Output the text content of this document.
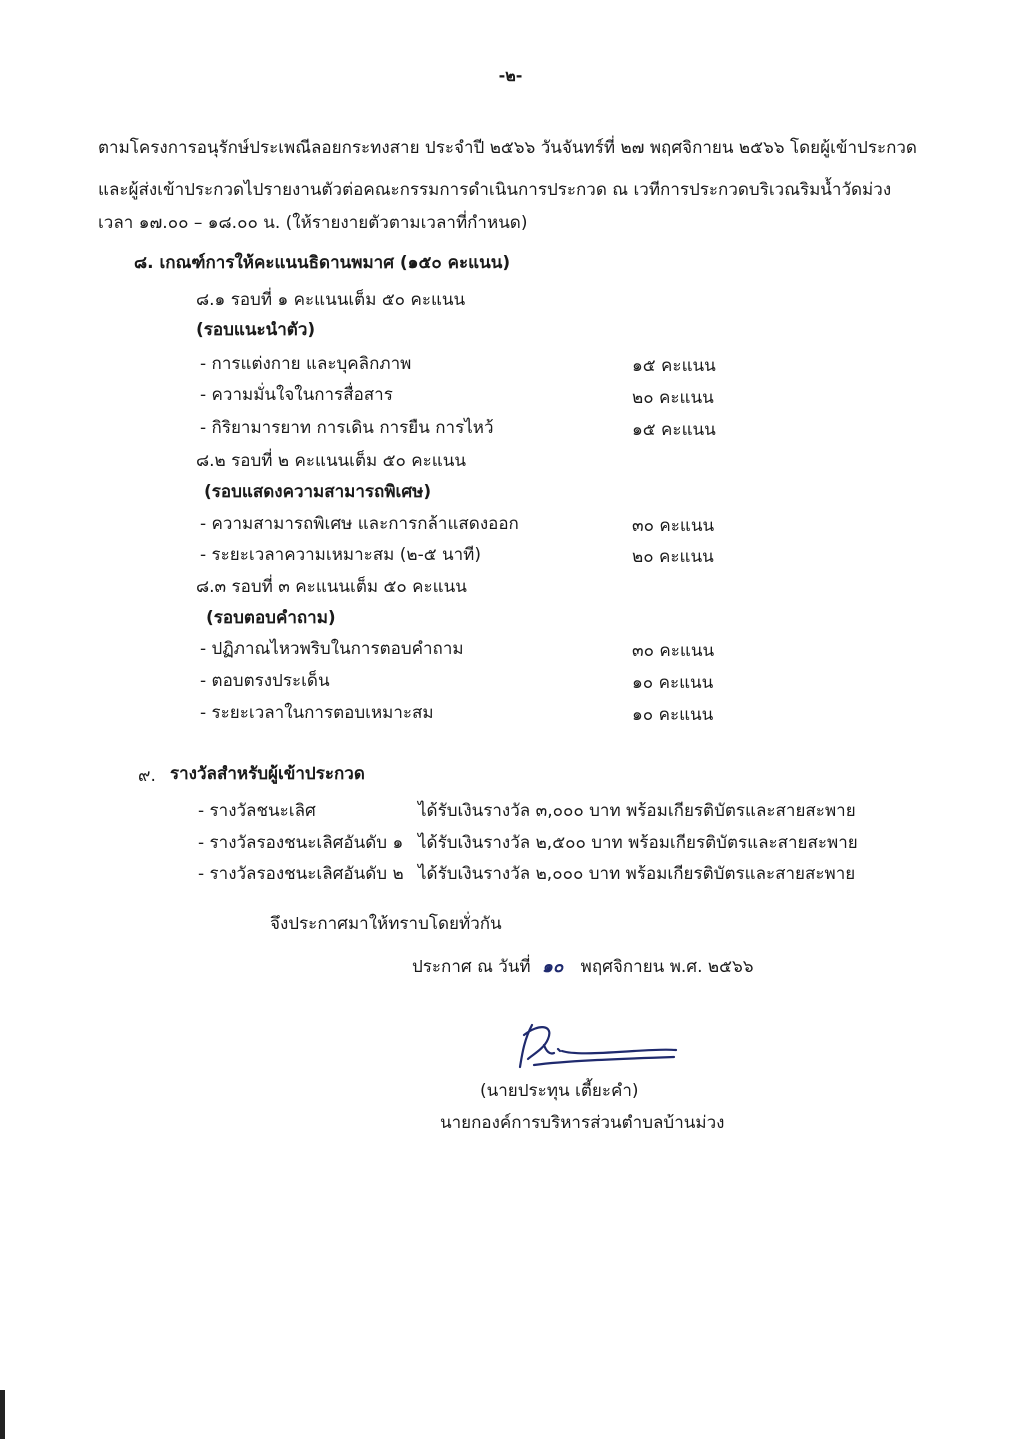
-๒-
ตามโครงการอนุรักษ์ประเพณีลอยกระทงสาย ประจำปี ๒๕๖๖ วันจันทร์ที่ ๒๗ พฤศจิกายน ๒๕๖๖ โดยผู้เข้าประกวด
และผู้ส่งเข้าประกวดไปรายงานตัวต่อคณะกรรมการดำเนินการประกวด ณ เวทีการประกวดบริเวณริมน้ำวัดม่วง
เวลา ๑๗.๐๐ – ๑๘.๐๐ น. (ให้รายงายตัวตามเวลาที่กำหนด)
๘. เกณฑ์การให้คะแนนธิดานพมาศ (๑๕๐ คะแนน)
๘.๑ รอบที่ ๑ คะแนนเต็ม ๕๐ คะแนน
(รอบแนะนำตัว)
- การแต่งกาย และบุคลิกภาพ	๑๕ คะแนน
- ความมั่นใจในการสื่อสาร	๒๐ คะแนน
- กิริยามารยาท การเดิน การยืน การไหว้	๑๕ คะแนน
๘.๒ รอบที่ ๒ คะแนนเต็ม ๕๐ คะแนน
(รอบแสดงความสามารถพิเศษ)
- ความสามารถพิเศษ และการกล้าแสดงออก	๓๐ คะแนน
- ระยะเวลาความเหมาะสม (๒-๕ นาที)	๒๐ คะแนน
๘.๓ รอบที่ ๓ คะแนนเต็ม ๕๐ คะแนน
(รอบตอบคำถาม)
- ปฏิภาณไหวพริบในการตอบคำถาม	๓๐ คะแนน
- ตอบตรงประเด็น	๑๐ คะแนน
- ระยะเวลาในการตอบเหมาะสม	๑๐ คะแนน
๙. รางวัลสำหรับผู้เข้าประกวด
- รางวัลชนะเลิศ	ได้รับเงินรางวัล ๓,๐๐๐ บาท พร้อมเกียรติบัตรและสายสะพาย
- รางวัลรองชนะเลิศอันดับ ๑ ได้รับเงินรางวัล ๒,๕๐๐ บาท พร้อมเกียรติบัตรและสายสะพาย
- รางวัลรองชนะเลิศอันดับ ๒ ได้รับเงินรางวัล ๒,๐๐๐ บาท พร้อมเกียรติบัตรและสายสะพาย
จึงประกาศมาให้ทราบโดยทั่วกัน
ประกาศ ณ วันที่ ๑๐ พฤศจิกายน พ.ศ. ๒๕๖๖
(นายประทุน เตี้ยะคำ)
นายกองค์การบริหารส่วนตำบลบ้านม่วง
